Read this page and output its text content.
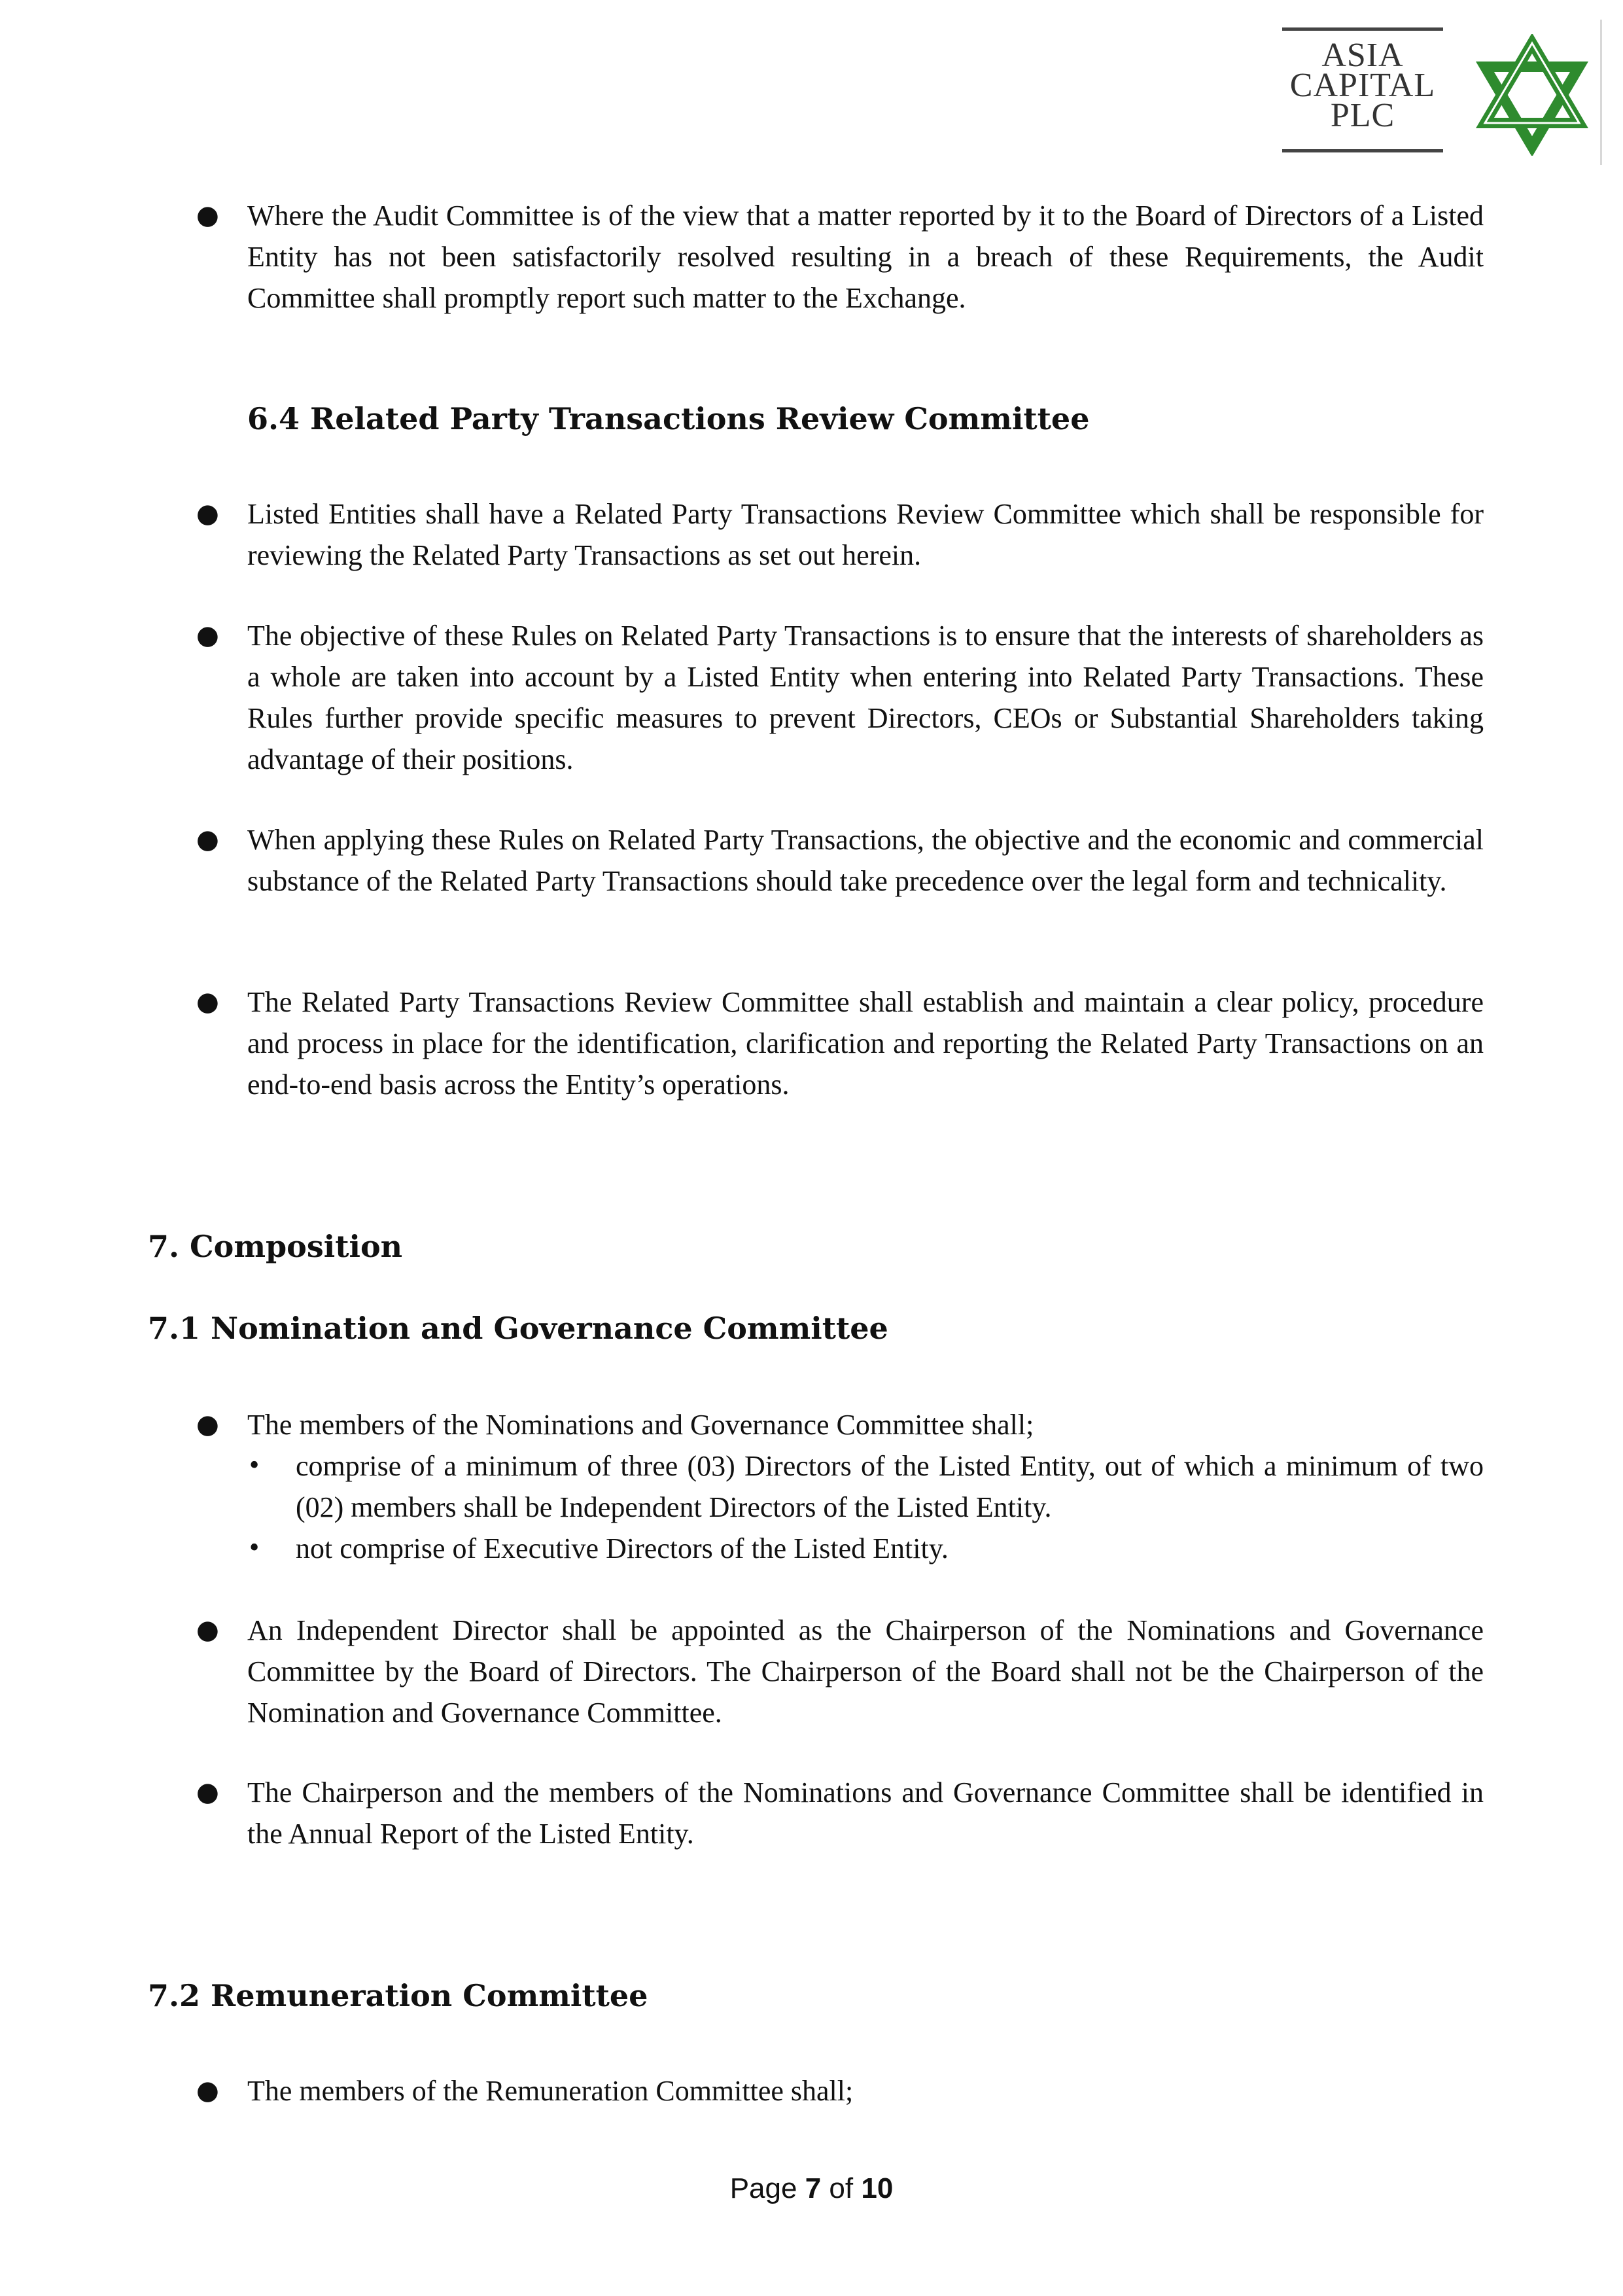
ASIA
CAPITAL
PLC
● Where the Audit Committee is of the view that a matter reported by it to the Board of Directors of a Listed Entity has not been satisfactorily resolved resulting in a breach of these Requirements, the Audit Committee shall promptly report such matter to the Exchange.
6.4 Related Party Transactions Review Committee
● Listed Entities shall have a Related Party Transactions Review Committee which shall be responsible for reviewing the Related Party Transactions as set out herein.
● The objective of these Rules on Related Party Transactions is to ensure that the interests of shareholders as a whole are taken into account by a Listed Entity when entering into Related Party Transactions. These Rules further provide specific measures to prevent Directors, CEOs or Substantial Shareholders taking advantage of their positions.
● When applying these Rules on Related Party Transactions, the objective and the economic and commercial substance of the Related Party Transactions should take precedence over the legal form and technicality.
● The Related Party Transactions Review Committee shall establish and maintain a clear policy, procedure and process in place for the identification, clarification and reporting the Related Party Transactions on an end-to-end basis across the Entity’s operations.
7. Composition
7.1 Nomination and Governance Committee
● The members of the Nominations and Governance Committee shall;
• comprise of a minimum of three (03) Directors of the Listed Entity, out of which a minimum of two (02) members shall be Independent Directors of the Listed Entity.
• not comprise of Executive Directors of the Listed Entity.
● An Independent Director shall be appointed as the Chairperson of the Nominations and Governance Committee by the Board of Directors. The Chairperson of the Board shall not be the Chairperson of the Nomination and Governance Committee.
● The Chairperson and the members of the Nominations and Governance Committee shall be identified in the Annual Report of the Listed Entity.
7.2 Remuneration Committee
● The members of the Remuneration Committee shall;
Page 7 of 10
